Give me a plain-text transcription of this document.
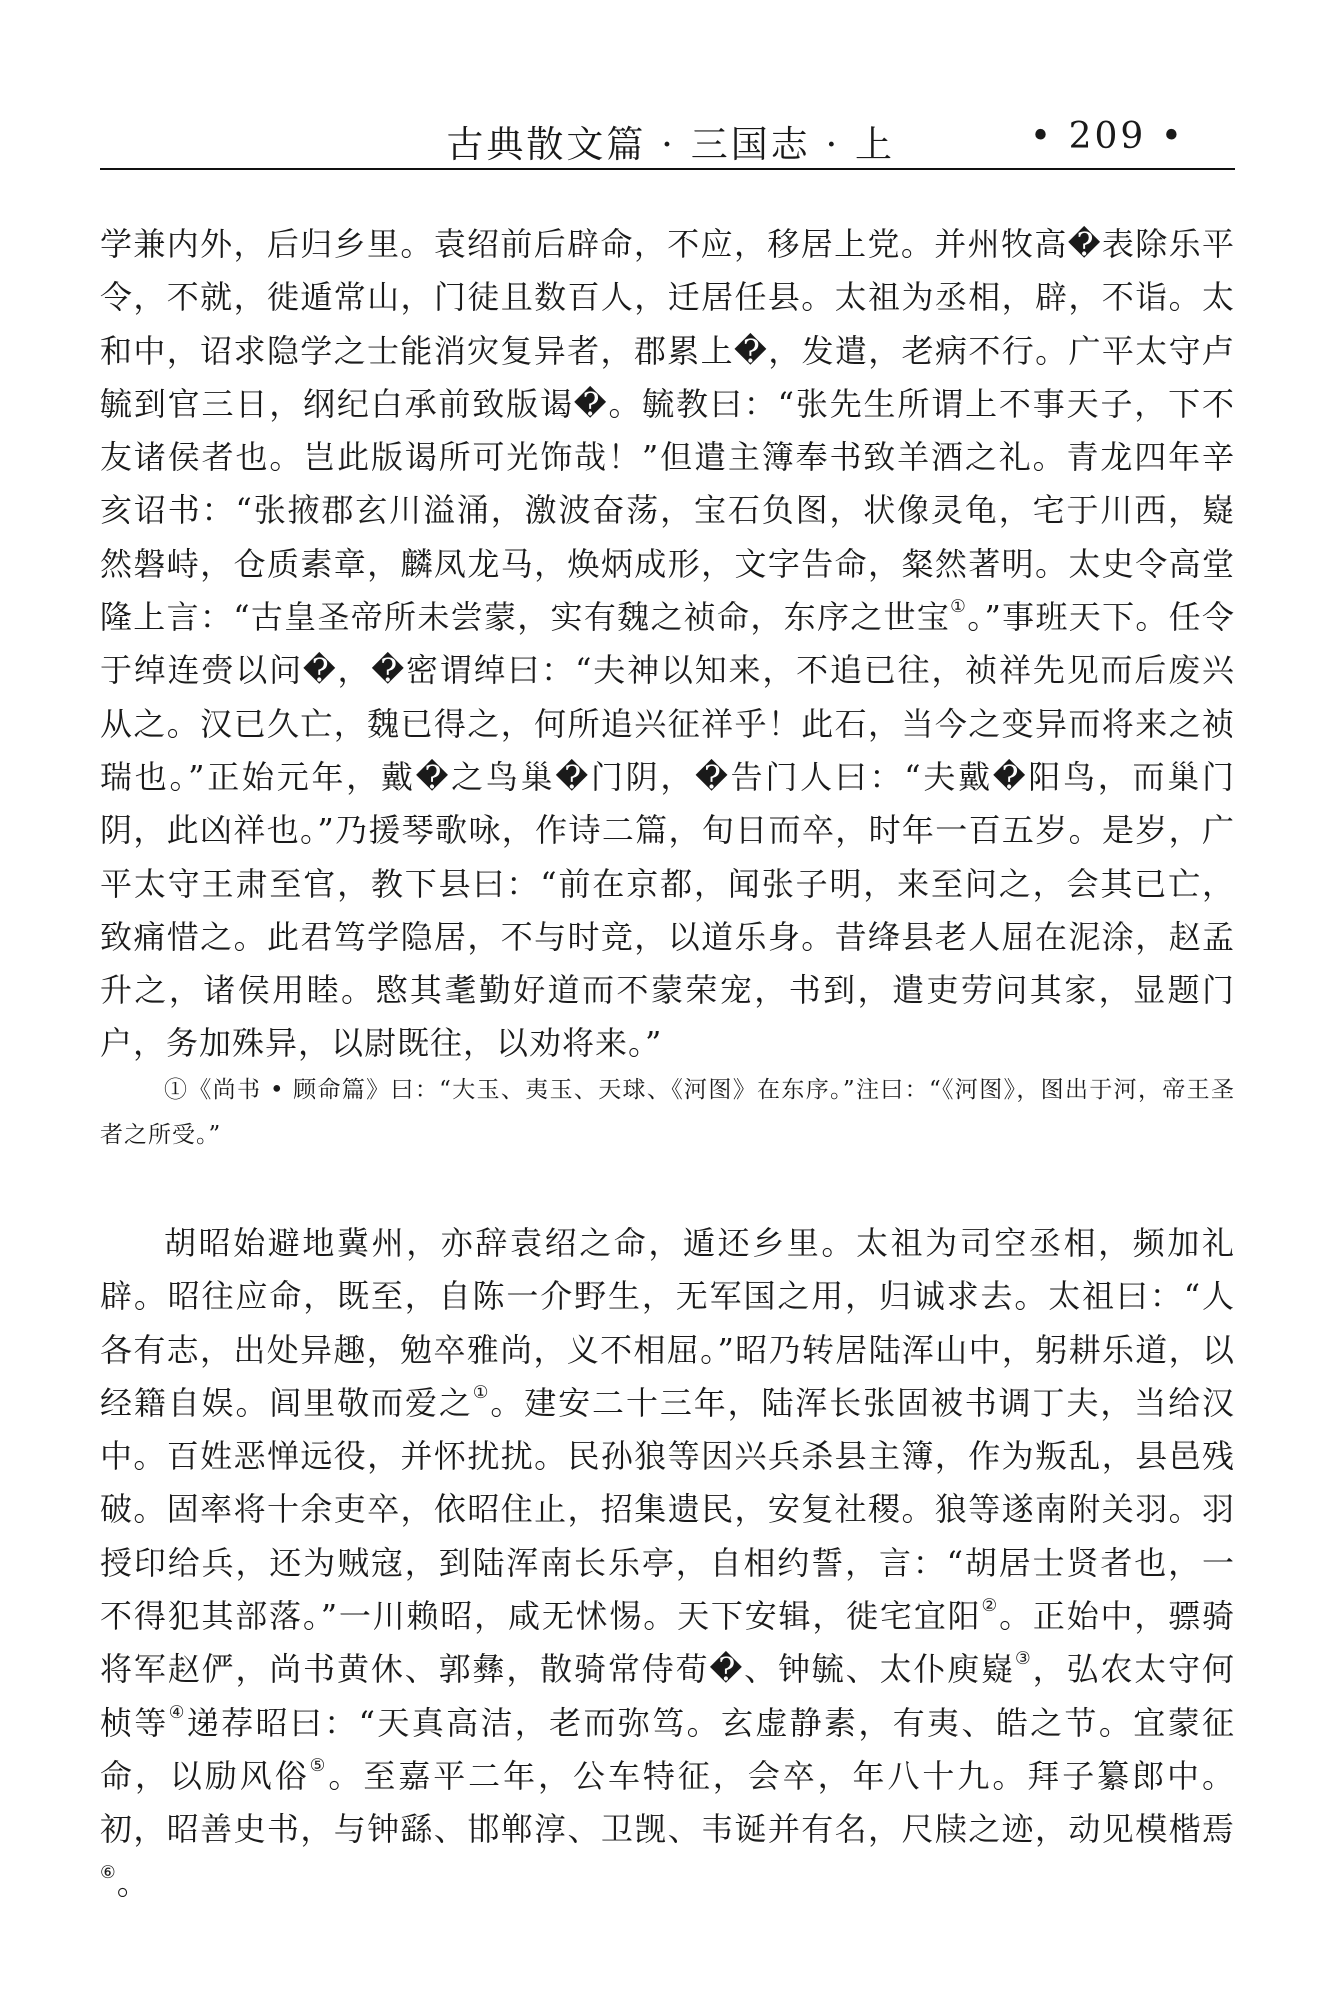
古典散文篇 · 三国志 · 上	• 209 •

学兼内外，后归乡里。袁绍前后辟命，不应，移居上党。并州牧高�表除乐平令，不就，徙遁常山，门徒且数百人，迁居任县。太祖为丞相，辟，不诣。太和中，诏求隐学之士能消灾复异者，郡累上�，发遣，老病不行。广平太守卢毓到官三日，纲纪白承前致版谒�。毓教曰：“张先生所谓上不事天子，下不友诸侯者也。岂此版谒所可光饰哉！”但遣主簿奉书致羊酒之礼。青龙四年辛亥诏书：“张掖郡玄川溢涌，激波奋荡，宝石负图，状像灵龟，宅于川西，嶷然磐峙，仓质素章，麟凤龙马，焕炳成形，文字告命，粲然著明。太史令高堂隆上言：“古皇圣帝所未尝蒙，实有魏之祯命，东序之世宝①。”事班天下。任令于绰连赍以问�，�密谓绰曰：“夫神以知来，不追已往，祯祥先见而后废兴从之。汉已久亡，魏已得之，何所追兴征祥乎！此石，当今之变异而将来之祯瑞也。”正始元年，戴�之鸟巢�门阴，�告门人曰：“夫戴�阳鸟，而巢门阴，此凶祥也。”乃援琴歌咏，作诗二篇，旬日而卒，时年一百五岁。是岁，广平太守王肃至官，教下县曰：“前在京都，闻张子明，来至问之，会其已亡，致痛惜之。此君笃学隐居，不与时竞，以道乐身。昔绛县老人屈在泥涂，赵孟升之，诸侯用睦。愍其耄勤好道而不蒙荣宠，书到，遣吏劳问其家，显题门户，务加殊异，以尉既往，以劝将来。”

①《尚书 • 顾命篇》曰：“大玉、夷玉、天球、《河图》在东序。”注曰：“《河图》，图出于河，帝王圣者之所受。”

胡昭始避地冀州，亦辞袁绍之命，遁还乡里。太祖为司空丞相，频加礼辟。昭往应命，既至，自陈一介野生，无军国之用，归诚求去。太祖曰：“人各有志，出处异趣，勉卒雅尚，义不相屈。”昭乃转居陆浑山中，躬耕乐道，以经籍自娱。闾里敬而爱之①。建安二十三年，陆浑长张固被书调丁夫，当给汉中。百姓恶惮远役，并怀扰扰。民孙狼等因兴兵杀县主簿，作为叛乱，县邑残破。固率将十余吏卒，依昭住止，招集遗民，安复社稷。狼等遂南附关羽。羽授印给兵，还为贼寇，到陆浑南长乐亭，自相约誓，言：“胡居士贤者也，一不得犯其部落。”一川赖昭，咸无怵惕。天下安辑，徙宅宜阳②。正始中，骠骑将军赵俨，尚书黄休、郭彝，散骑常侍荀�、钟毓、太仆庾嶷③，弘农太守何桢等④递荐昭曰：“天真高洁，老而弥笃。玄虚静素，有夷、皓之节。宜蒙征命，以励风俗⑤。至嘉平二年，公车特征，会卒，年八十九。拜子纂郎中。初，昭善史书，与钟繇、邯郸淳、卫觊、韦诞并有名，尺牍之迹，动见模楷焉⑥。
